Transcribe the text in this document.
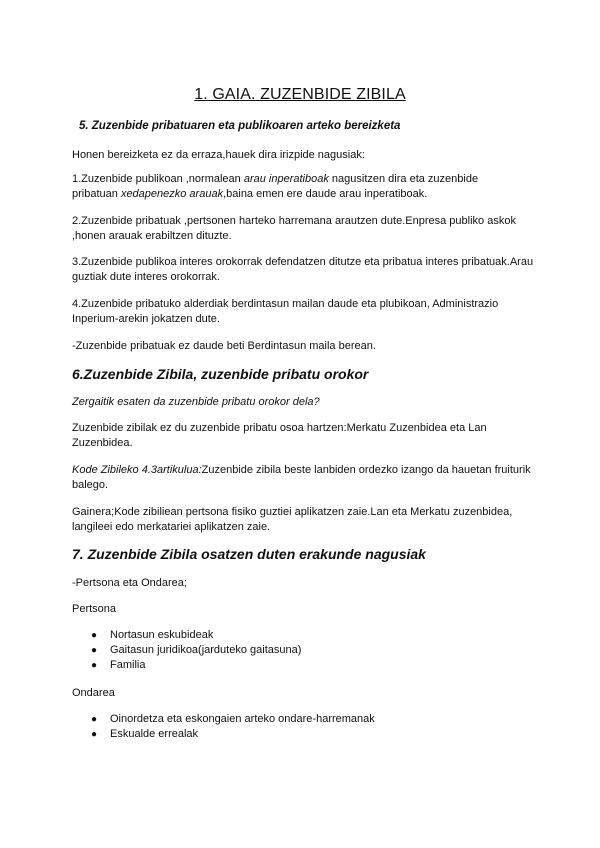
1. GAIA. ZUZENBIDE ZIBILA
5. Zuzenbide pribatuaren eta publikoaren arteko bereizketa

Honen bereizketa ez da erraza,hauek dira irizpide nagusiak:

1.Zuzenbide publikoan ,normalean arau inperatiboak nagusitzen dira eta zuzenbide
pribatuan xedapenezko arauak,baina emen ere daude arau inperatiboak.

2.Zuzenbide pribatuak ,pertsonen harteko harremana arautzen dute.Enpresa publiko askok ,honen arauak erabiltzen dituzte.

3.Zuzenbide publikoa interes orokorrak defendatzen ditutze eta pribatua interes pribatuak.Arau guztiak dute interes orokorrak.

4.Zuzenbide pribatuko alderdiak berdintasun mailan daude eta plubikoan, Administrazio Inperium-arekin jokatzen dute.

-Zuzenbide pribatuak ez daude beti Berdintasun maila berean.

6.Zuzenbide Zibila, zuzenbide pribatu orokor

Zergaitik esaten da zuzenbide pribatu orokor dela?

Zuzenbide zibilak ez du zuzenbide pribatu osoa hartzen:Merkatu Zuzenbidea eta Lan Zuzenbidea.

Kode Zibileko 4.3artikulua:Zuzenbide zibila beste lanbiden ordezko izango da hauetan fruiturik balego.

Gainera;Kode zibiliean pertsona fisiko guztiei aplikatzen zaie.Lan eta Merkatu zuzenbidea, langileei edo merkatariei aplikatzen zaie.

7. Zuzenbide Zibila osatzen duten erakunde nagusiak

-Pertsona eta Ondarea;

Pertsona

● Nortasun eskubideak
● Gaitasun juridikoa(jarduteko gaitasuna)
● Familia

Ondarea

● Oinordetza eta eskongaien arteko ondare-harremanak
● Eskualde errealak
